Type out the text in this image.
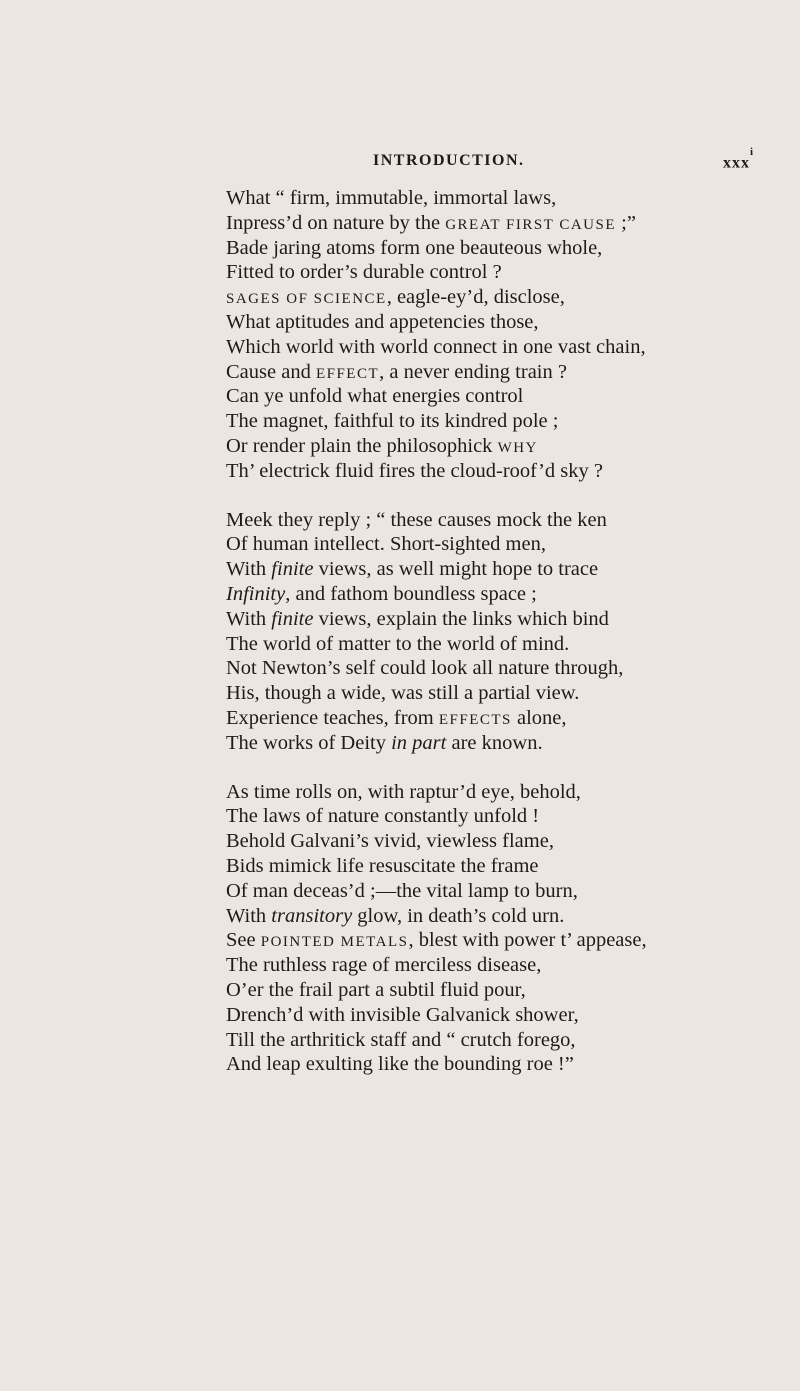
INTRODUCTION.	xxx$^i$
What “ firm, immutable, immortal laws,
Inpress’d on nature by the GREAT FIRST CAUSE ;”
Bade jaring atoms form one beauteous whole,
Fitted to order’s durable control ?
SAGES OF SCIENCE, eagle-ey’d, disclose,
What aptitudes and appetencies those,
Which world with world connect in one vast chain,
Cause and EFFECT, a never ending train ?
Can ye unfold what energies control
The magnet, faithful to its kindred pole ;
Or render plain the philosophick WHY
Th’ electrick fluid fires the cloud-roof’d sky ?
Meek they reply ; “ these causes mock the ken
Of human intellect. Short-sighted men,
With finite views, as well might hope to trace
Infinity, and fathom boundless space ;
With finite views, explain the links which bind
The world of matter to the world of mind.
Not Newton’s self could look all nature through,
His, though a wide, was still a partial view.
Experience teaches, from EFFECTS alone,
The works of Deity in part are known.
As time rolls on, with raptur’d eye, behold,
The laws of nature constantly unfold !
Behold Galvani’s vivid, viewless flame,
Bids mimick life resuscitate the frame
Of man deceas’d ;—the vital lamp to burn,
With transitory glow, in death’s cold urn.
See POINTED METALS, blest with power t’ appease,
The ruthless rage of merciless disease,
O’er the frail part a subtil fluid pour,
Drench’d with invisible Galvanick shower,
Till the arthritick staff and “ crutch forego,
And leap exulting like the bounding roe !”
